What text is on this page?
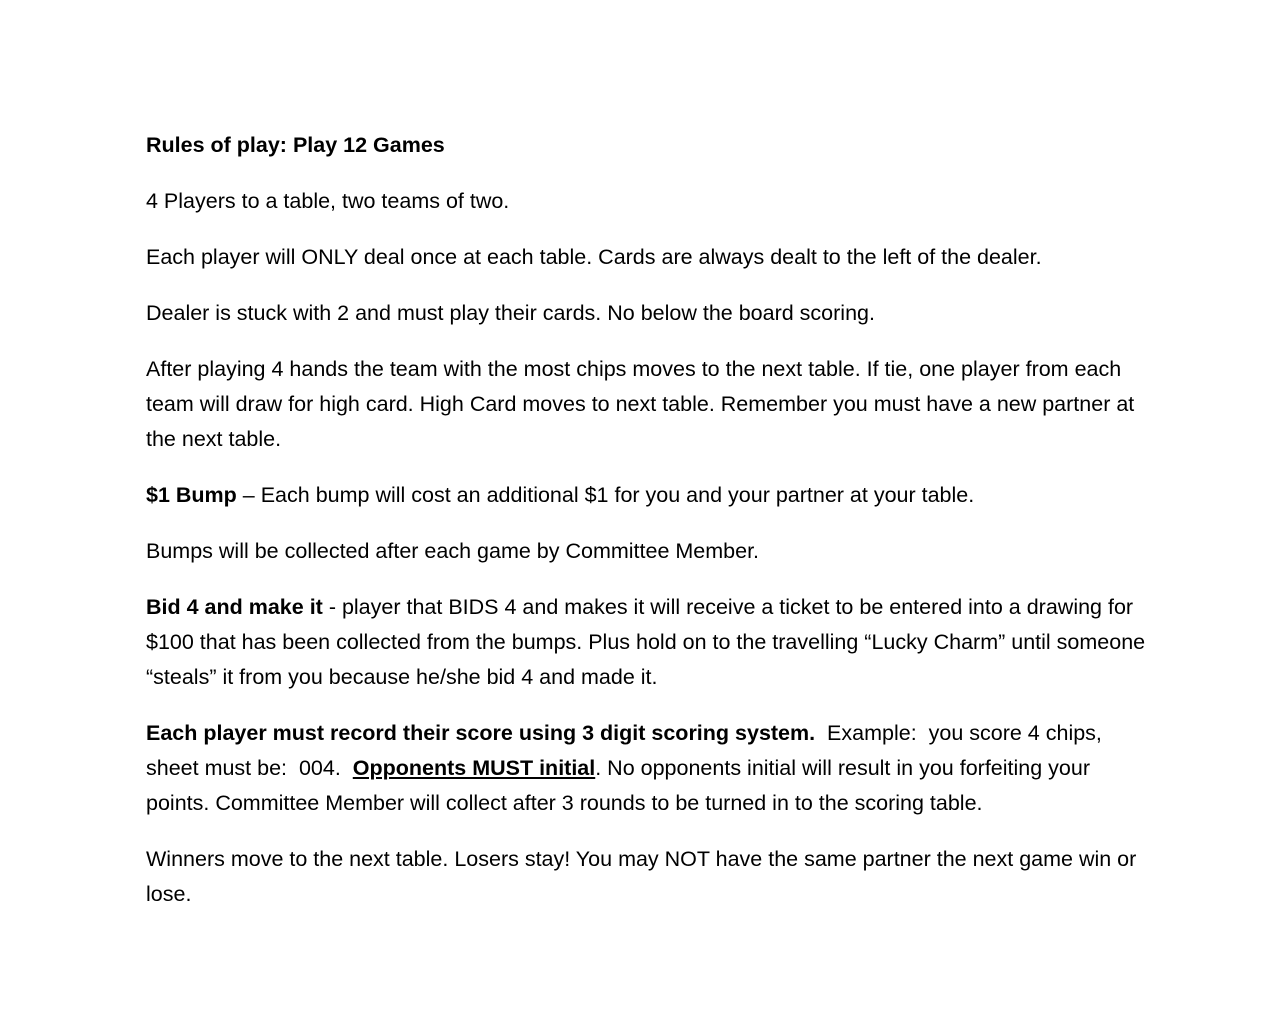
Rules of play: Play 12 Games

4 Players to a table, two teams of two.

Each player will ONLY deal once at each table. Cards are always dealt to the left of the dealer.

Dealer is stuck with 2 and must play their cards. No below the board scoring.

After playing 4 hands the team with the most chips moves to the next table. If tie, one player from each team will draw for high card. High Card moves to next table. Remember you must have a new partner at the next table.

$1 Bump – Each bump will cost an additional $1 for you and your partner at your table.

Bumps will be collected after each game by Committee Member.

Bid 4 and make it - player that BIDS 4 and makes it will receive a ticket to be entered into a drawing for $100 that has been collected from the bumps. Plus hold on to the travelling “Lucky Charm” until someone “steals” it from you because he/she bid 4 and made it.

Each player must record their score using 3 digit scoring system.  Example:  you score 4 chips, sheet must be:  004.  Opponents MUST initial. No opponents initial will result in you forfeiting your points. Committee Member will collect after 3 rounds to be turned in to the scoring table.

Winners move to the next table. Losers stay! You may NOT have the same partner the next game win or lose.
